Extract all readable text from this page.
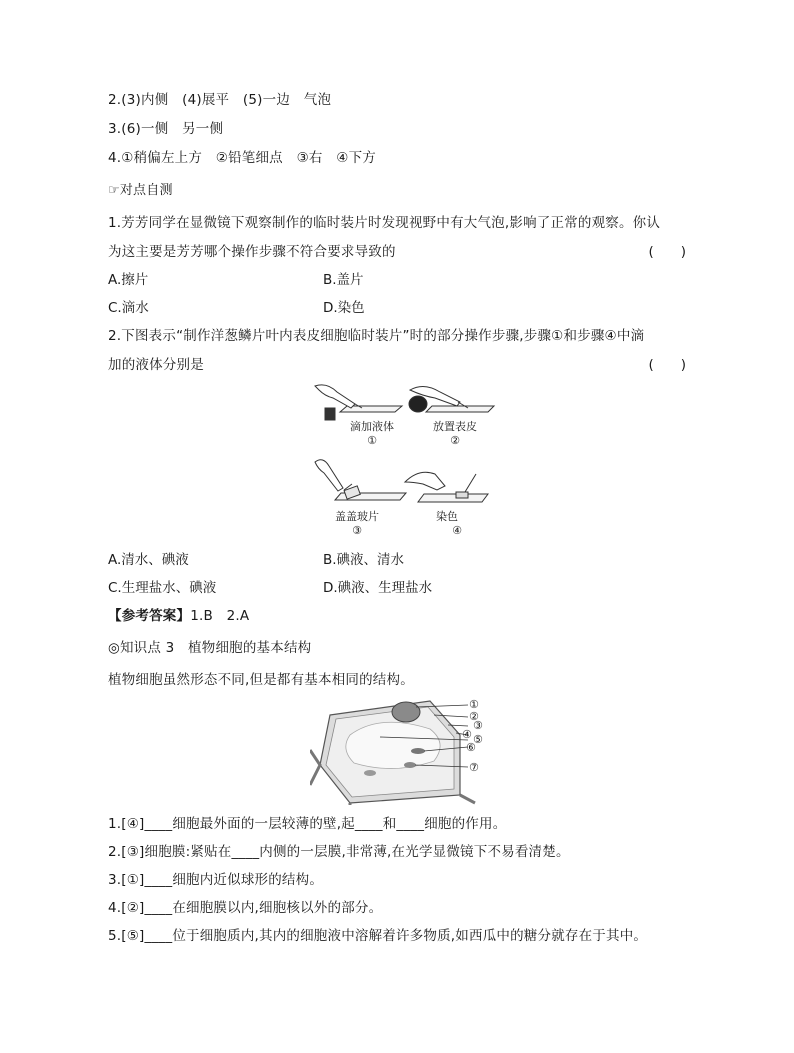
2.(3)内侧　(4)展平　(5)一边　气泡
3.(6)一侧　另一侧
4.①稍偏左上方　②铅笔细点　③右　④下方
☞对点自测
1.芳芳同学在显微镜下观察制作的临时装片时发现视野中有大气泡,影响了正常的观察。你认
为这主要是芳芳哪个操作步骤不符合要求导致的	(　　)
A.擦片	B.盖片
C.滴水	D.染色
2.下图表示“制作洋葱鳞片叶内表皮细胞临时装片”时的部分操作步骤,步骤①和步骤④中滴
加的液体分别是	(　　)
滴加液体
①
放置表皮
②
盖盖玻片
③
染色
④
A.清水、碘液	B.碘液、清水
C.生理盐水、碘液	D.碘液、生理盐水
【参考答案】1.B　2.A
◎知识点 3　植物细胞的基本结构
植物细胞虽然形态不同,但是都有基本相同的结构。
①
②
③
④ ⑤
⑥
⑦
1.[④]____细胞最外面的一层较薄的壁,起____和____细胞的作用。
2.[③]细胞膜:紧贴在____内侧的一层膜,非常薄,在光学显微镜下不易看清楚。
3.[①]____细胞内近似球形的结构。
4.[②]____在细胞膜以内,细胞核以外的部分。
5.[⑤]____位于细胞质内,其内的细胞液中溶解着许多物质,如西瓜中的糖分就存在于其中。
